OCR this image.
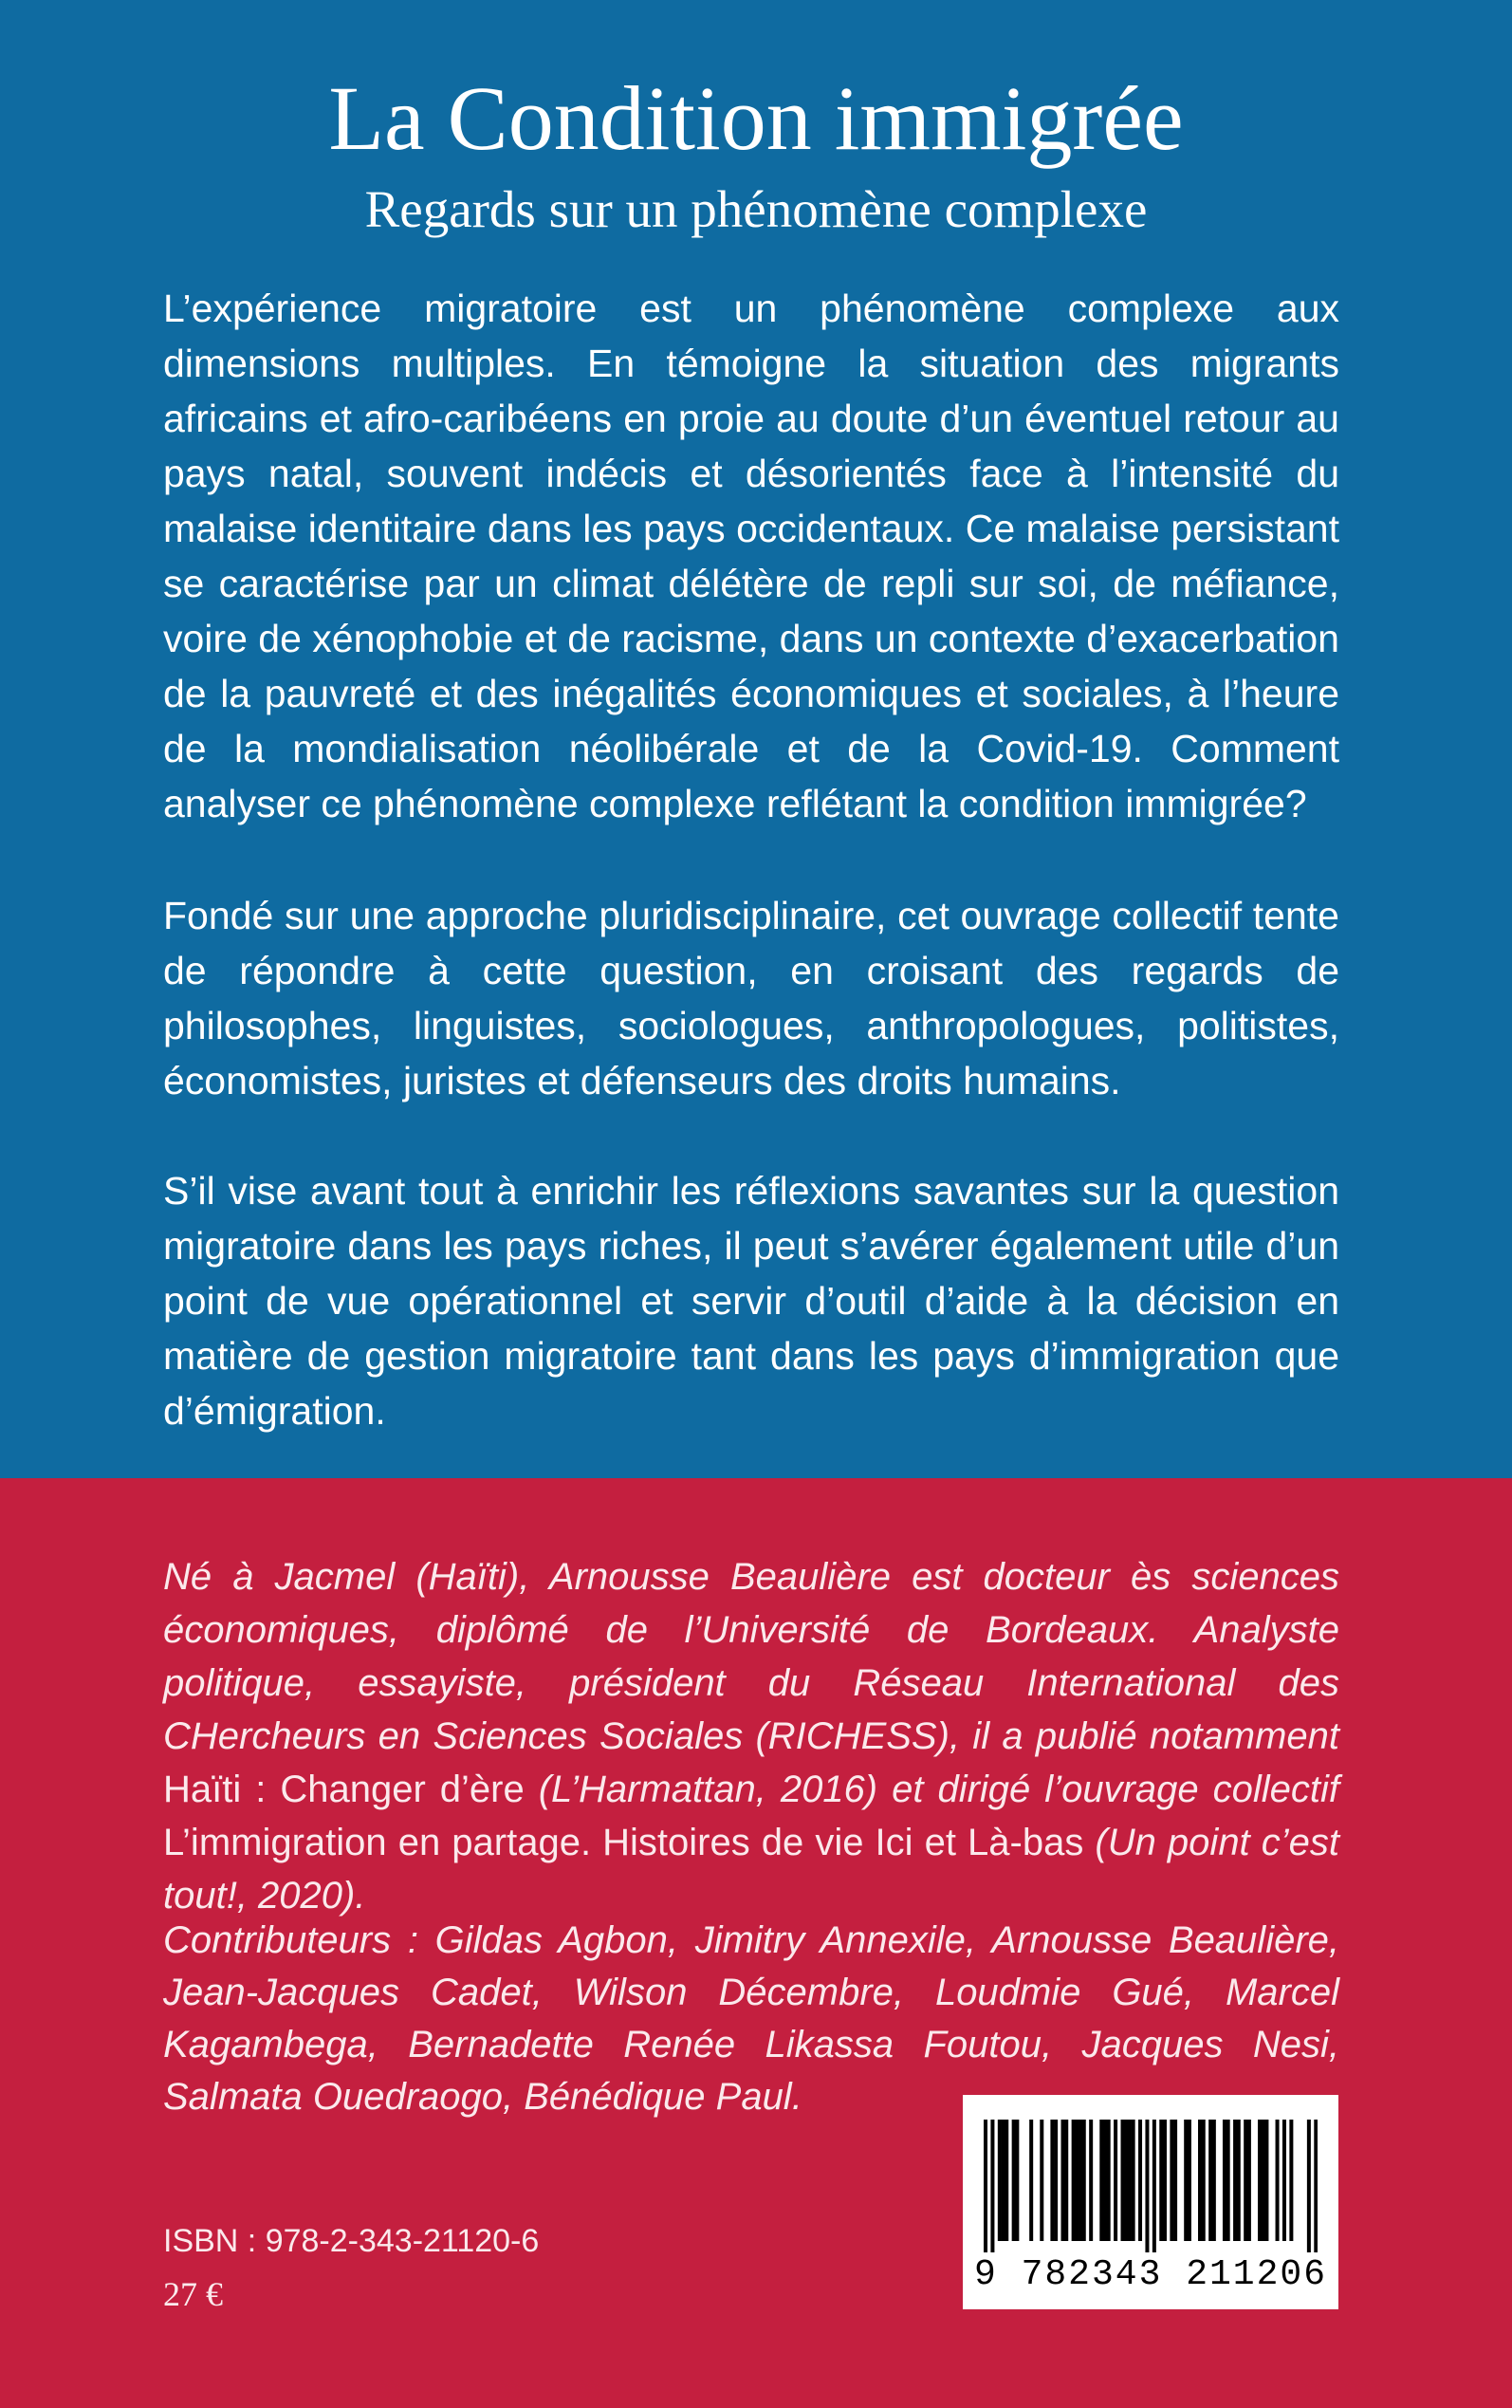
La Condition immigrée
Regards sur un phénomène complexe

L’expérience migratoire est un phénomène complexe aux dimensions multiples. En témoigne la situation des migrants africains et afro-caribéens en proie au doute d’un éventuel retour au pays natal, souvent indécis et désorientés face à l’intensité du malaise identitaire dans les pays occidentaux. Ce malaise persistant se caractérise par un climat délétère de repli sur soi, de méfiance, voire de xénophobie et de racisme, dans un contexte d’exacerbation de la pauvreté et des inégalités économiques et sociales, à l’heure de la mondialisation néolibérale et de la Covid-19. Comment analyser ce phénomène complexe reflétant la condition immigrée?

Fondé sur une approche pluridisciplinaire, cet ouvrage collectif tente de répondre à cette question, en croisant des regards de philosophes, linguistes, sociologues, anthropologues, politistes, économistes, juristes et défenseurs des droits humains.

S’il vise avant tout à enrichir les réflexions savantes sur la question migratoire dans les pays riches, il peut s’avérer également utile d’un point de vue opérationnel et servir d’outil d’aide à la décision en matière de gestion migratoire tant dans les pays d’immigration que d’émigration.

Né à Jacmel (Haïti), Arnousse Beaulière est docteur ès sciences économiques, diplômé de l’Université de Bordeaux. Analyste politique, essayiste, président du Réseau International des CHercheurs en Sciences Sociales (RICHESS), il a publié notamment Haïti : Changer d’ère (L’Harmattan, 2016) et dirigé l’ouvrage collectif L’immigration en partage. Histoires de vie Ici et Là-bas (Un point c’est tout!, 2020).

Contributeurs : Gildas Agbon, Jimitry Annexile, Arnousse Beaulière, Jean-Jacques Cadet, Wilson Décembre, Loudmie Gué, Marcel Kagambega, Bernadette Renée Likassa Foutou, Jacques Nesi, Salmata Ouedraogo, Bénédique Paul.

9 782343 211206

ISBN : 978-2-343-21120-6

27 €
